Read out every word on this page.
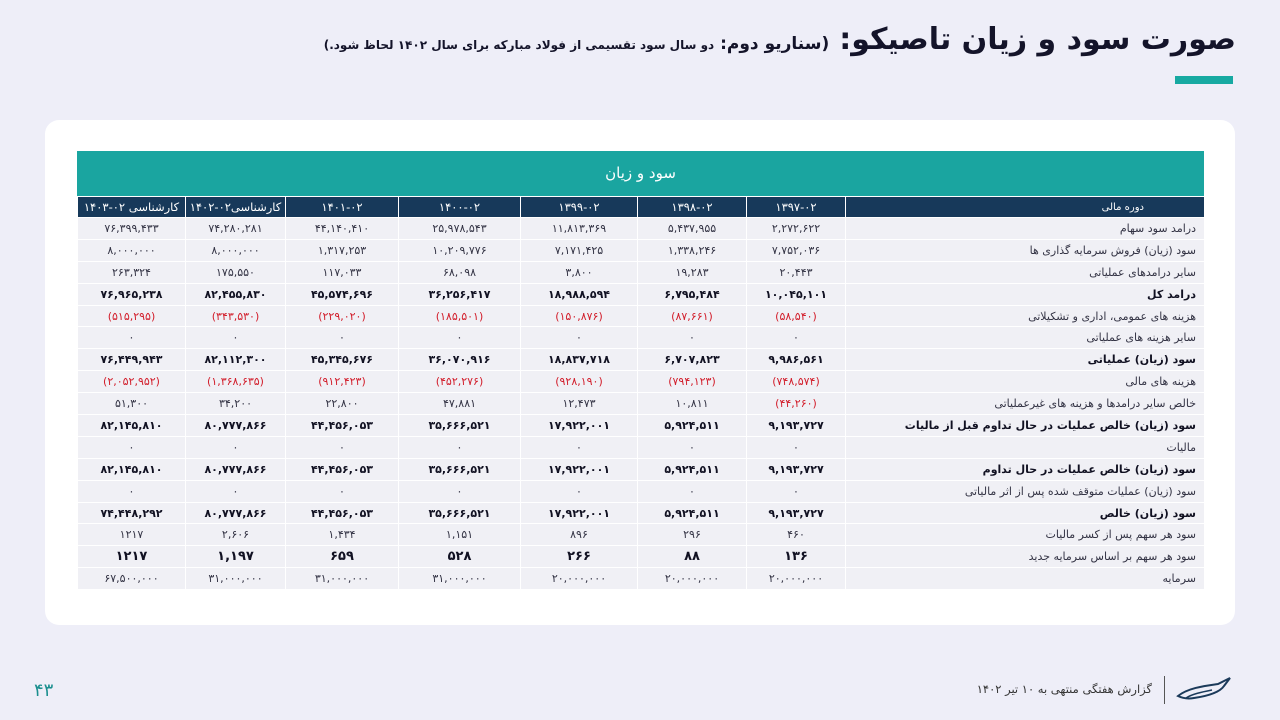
صورت سود و زیان تاصیکو:
(سناریو دوم: دو سال سود تقسیمی از فولاد مبارکه برای سال ۱۴۰۲ لحاظ شود.)
سود و زیان
دوره مالی	۱۳۹۷-۰۲	۱۳۹۸-۰۲	۱۳۹۹-۰۲	۱۴۰۰-۰۲	۱۴۰۱-۰۲	کارشناسی۰۲-۱۴۰۲	کارشناسی ۰۲-۱۴۰۳
درامد سود سهام	۲,۲۷۲,۶۲۲	۵,۴۳۷,۹۵۵	۱۱,۸۱۳,۳۶۹	۲۵,۹۷۸,۵۴۳	۴۴,۱۴۰,۴۱۰	۷۴,۲۸۰,۲۸۱	۷۶,۳۹۹,۴۳۳
سود (زیان) فروش سرمایه گذاری ها	۷,۷۵۲,۰۳۶	۱,۳۳۸,۲۴۶	۷,۱۷۱,۴۲۵	۱۰,۲۰۹,۷۷۶	۱,۳۱۷,۲۵۳	۸,۰۰۰,۰۰۰	۸,۰۰۰,۰۰۰
سایر درامدهای عملیاتی	۲۰,۴۴۳	۱۹,۲۸۳	۳,۸۰۰	۶۸,۰۹۸	۱۱۷,۰۳۳	۱۷۵,۵۵۰	۲۶۳,۳۲۴
درامد کل	۱۰,۰۴۵,۱۰۱	۶,۷۹۵,۴۸۴	۱۸,۹۸۸,۵۹۴	۳۶,۲۵۶,۴۱۷	۴۵,۵۷۴,۶۹۶	۸۲,۴۵۵,۸۳۰	۷۶,۹۶۵,۲۳۸
هزینه های عمومی، اداری و تشکیلاتی	(۵۸,۵۴۰)	(۸۷,۶۶۱)	(۱۵۰,۸۷۶)	(۱۸۵,۵۰۱)	(۲۲۹,۰۲۰)	(۳۴۳,۵۳۰)	(۵۱۵,۲۹۵)
سایر هزینه های عملیاتی	۰	۰	۰	۰	۰	۰	۰
سود (زیان) عملیاتی	۹,۹۸۶,۵۶۱	۶,۷۰۷,۸۲۳	۱۸,۸۳۷,۷۱۸	۳۶,۰۷۰,۹۱۶	۴۵,۳۴۵,۶۷۶	۸۲,۱۱۲,۳۰۰	۷۶,۴۴۹,۹۴۳
هزینه های مالی	(۷۴۸,۵۷۴)	(۷۹۴,۱۲۳)	(۹۲۸,۱۹۰)	(۴۵۲,۲۷۶)	(۹۱۲,۴۲۳)	(۱,۳۶۸,۶۳۵)	(۲,۰۵۲,۹۵۲)
خالص سایر درامدها و هزینه های غیرعملیاتی	(۴۴,۲۶۰)	۱۰,۸۱۱	۱۲,۴۷۳	۴۷,۸۸۱	۲۲,۸۰۰	۳۴,۲۰۰	۵۱,۳۰۰
سود (زیان) خالص عملیات در حال تداوم قبل از مالیات	۹,۱۹۳,۷۲۷	۵,۹۲۴,۵۱۱	۱۷,۹۲۲,۰۰۱	۳۵,۶۶۶,۵۲۱	۴۴,۴۵۶,۰۵۳	۸۰,۷۷۷,۸۶۶	۸۲,۱۴۵,۸۱۰
مالیات	۰	۰	۰	۰	۰	۰	۰
سود (زیان) خالص عملیات در حال تداوم	۹,۱۹۳,۷۲۷	۵,۹۲۴,۵۱۱	۱۷,۹۲۲,۰۰۱	۳۵,۶۶۶,۵۲۱	۴۴,۴۵۶,۰۵۳	۸۰,۷۷۷,۸۶۶	۸۲,۱۴۵,۸۱۰
سود (زیان) عملیات متوقف شده پس از اثر مالیاتی	۰	۰	۰	۰	۰	۰	۰
سود (زیان) خالص	۹,۱۹۳,۷۲۷	۵,۹۲۴,۵۱۱	۱۷,۹۲۲,۰۰۱	۳۵,۶۶۶,۵۲۱	۴۴,۴۵۶,۰۵۳	۸۰,۷۷۷,۸۶۶	۷۴,۴۴۸,۲۹۲
سود هر سهم پس از کسر مالیات	۴۶۰	۲۹۶	۸۹۶	۱,۱۵۱	۱,۴۳۴	۲,۶۰۶	۱۲۱۷
سود هر سهم بر اساس سرمایه جدید	۱۳۶	۸۸	۲۶۶	۵۲۸	۶۵۹	۱,۱۹۷	۱۲۱۷
سرمایه	۲۰,۰۰۰,۰۰۰	۲۰,۰۰۰,۰۰۰	۲۰,۰۰۰,۰۰۰	۳۱,۰۰۰,۰۰۰	۳۱,۰۰۰,۰۰۰	۳۱,۰۰۰,۰۰۰	۶۷,۵۰۰,۰۰۰
گزارش هفتگی منتهی به ۱۰ تیر ۱۴۰۲
۴۳
